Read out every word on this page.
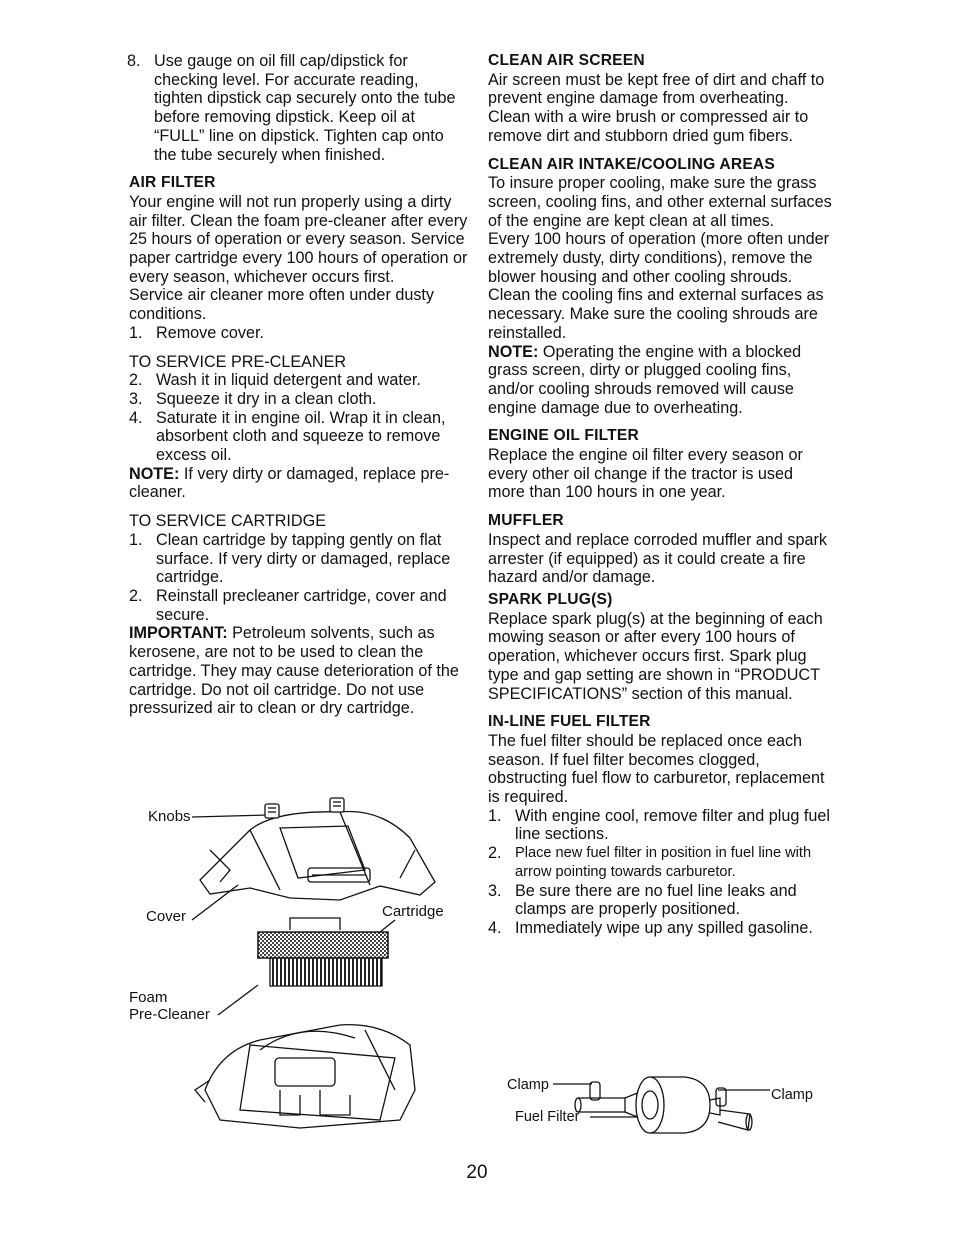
8. Use gauge on oil fill cap/dipstick for checking level. For accurate reading, tighten dipstick cap securely onto the tube before removing dipstick. Keep oil at “FULL” line on dipstick. Tighten cap onto the tube securely when finished.

AIR FILTER

Your engine will not run properly using a dirty air filter. Clean the foam pre-cleaner after every 25 hours of operation or every season. Service paper cartridge every 100 hours of operation or every season, whichever occurs first.

Service air cleaner more often under dusty conditions.

1. Remove cover.

TO SERVICE PRE-CLEANER

2. Wash it in liquid detergent and water.
3. Squeeze it dry in a clean cloth.
4. Saturate it in engine oil. Wrap it in clean, absorbent cloth and squeeze to remove excess oil.

NOTE: If very dirty or damaged, replace pre-cleaner.

TO SERVICE CARTRIDGE

1. Clean cartridge by tapping gently on flat surface. If very dirty or damaged, replace cartridge.
2. Reinstall precleaner cartridge, cover and secure.

IMPORTANT: Petroleum solvents, such as kerosene, are not to be used to clean the cartridge. They may cause deterioration of the cartridge. Do not oil cartridge. Do not use pressurized air to clean or dry cartridge.

Knobs
Cover	Cartridge
Foam
Pre-Cleaner

CLEAN AIR SCREEN

Air screen must be kept free of dirt and chaff to prevent engine damage from overheating. Clean with a wire brush or compressed air to remove dirt and stubborn dried gum fibers.

CLEAN AIR INTAKE/COOLING AREAS

To insure proper cooling, make sure the grass screen, cooling fins, and other external surfaces of the engine are kept clean at all times.

Every 100 hours of operation (more often under extremely dusty, dirty conditions), remove the blower housing and other cooling shrouds. Clean the cooling fins and external surfaces as necessary. Make sure the cooling shrouds are reinstalled.

NOTE: Operating the engine with a blocked grass screen, dirty or plugged cooling fins, and/or cooling shrouds removed will cause engine damage due to overheating.

ENGINE OIL FILTER

Replace the engine oil filter every season or every other oil change if the tractor is used more than 100 hours in one year.

MUFFLER

Inspect and replace corroded muffler and spark arrester (if equipped) as it could create a fire hazard and/or damage.

SPARK PLUG(S)

Replace spark plug(s) at the beginning of each mowing season or after every 100 hours of operation, whichever occurs first. Spark plug type and gap setting are shown in “PRODUCT SPECIFICATIONS” section of this manual.

IN-LINE FUEL FILTER

The fuel filter should be replaced once each season. If fuel filter becomes clogged, obstructing fuel flow to carburetor, replacement is required.

1. With engine cool, remove filter and plug fuel line sections.
2. Place new fuel filter in position in fuel line with arrow pointing towards carburetor.
3. Be sure there are no fuel line leaks and clamps are properly positioned.
4. Immediately wipe up any spilled gasoline.
Clamp
Clamp
Fuel Filter
20
